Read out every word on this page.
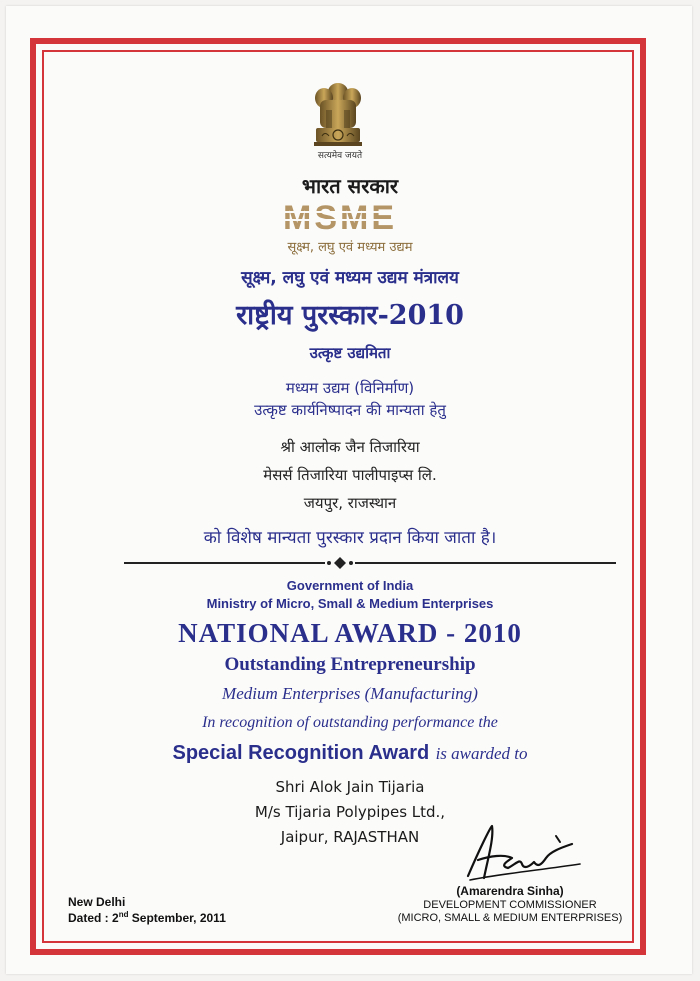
सत्यमेव जयते
भारत सरकार
MSME
सूक्ष्म, लघु एवं मध्यम उद्यम
सूक्ष्म, लघु एवं मध्यम उद्यम मंत्रालय
राष्ट्रीय पुरस्कार-2010
उत्कृष्ट उद्यमिता
मध्यम उद्यम (विनिर्माण)
उत्कृष्ट कार्यनिष्पादन की मान्यता हेतु
श्री आलोक जैन तिजारिया
मेसर्स तिजारिया पालीपाइप्स लि.
जयपुर, राजस्थान
को विशेष मान्यता पुरस्कार प्रदान किया जाता है।
Government of India
Ministry of Micro, Small & Medium Enterprises
NATIONAL AWARD - 2010
Outstanding Entrepreneurship
Medium Enterprises (Manufacturing)
In recognition of outstanding performance the
Special Recognition Award is awarded to
Shri Alok Jain Tijaria
M/s Tijaria Polypipes Ltd.,
Jaipur, RAJASTHAN
New Delhi
Dated : 2nd September, 2011
(Amarendra Sinha)
DEVELOPMENT COMMISSIONER
(MICRO, SMALL & MEDIUM ENTERPRISES)
